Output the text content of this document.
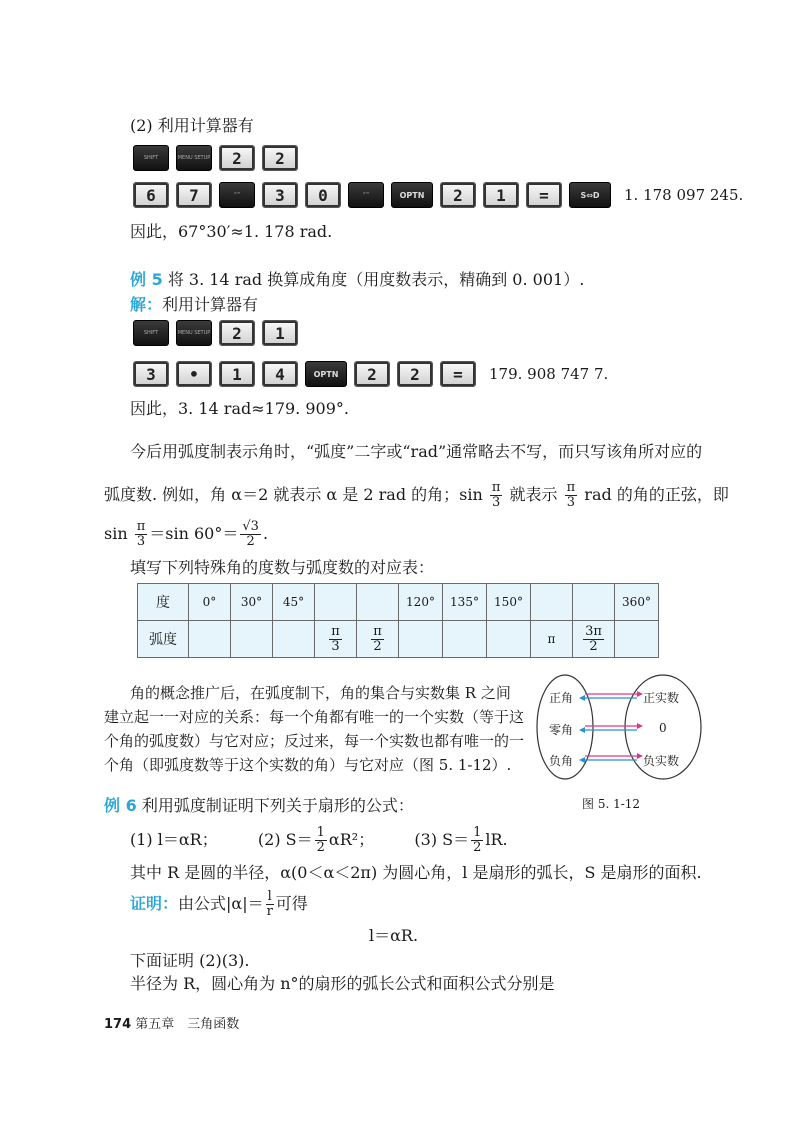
(2) 利用计算器有
SHIFT	MENU SETUP	2	2
6	7	°'"	3	0	°'"	OPTN	2	1	=	S⇔D	1. 178 097 245.
因此，67°30′≈1. 178 rad.
例 5 将 3. 14 rad 换算成角度（用度数表示，精确到 0. 001）.
解：利用计算器有
SHIFT	MENU SETUP	2	1
3	•	1	4	OPTN	2	2	=	179. 908 747 7.
因此，3. 14 rad≈179. 909°.
今后用弧度制表示角时，“弧度”二字或“rad”通常略去不写，而只写该角所对应的
弧度数. 例如，角 α＝2 就表示 α 是 2 rad 的角；$\sin \frac{\pi}{3}$ 就表示 $\frac{\pi}{3}$ rad 的角的正弦，即
$\sin \frac{\pi}{3} =\sin$ $60^\circ= \frac{√3}{2}$ .
填写下列特殊角的度数与弧度数的对应表：
度	0°	30°	45°			120°	135°	150°			360°
弧度				$\frac{\pi}{3}$	$\frac{\pi}{2}$				π	$\frac{3\pi}{2}$

角的概念推广后，在弧度制下，角的集合与实数集 R 之间
建立起一一对应的关系：每一个角都有唯一的一个实数（等于这
个角的弧度数）与它对应；反过来，每一个实数也都有唯一的一
个角（即弧度数等于这个实数的角）与它对应（图 5. 1-12）.
正角
零角
负角
正实数
0
负实数
图 5. 1-12
例 6 利用弧度制证明下列关于扇形的公式：
(1) l＝αR；	(2) $S= \frac{1}{2} \alpha R^2$；	(3) $S= \frac{1}{2}$ lR.
其中 R 是圆的半径，α(0＜α＜2π) 为圆心角，l 是扇形的弧长，S 是扇形的面积.
证明：由公式$|\alpha|= \frac{l}{r}$ 可得
l＝αR.
下面证明 (2)(3).
半径为 R，圆心角为 n°的扇形的弧长公式和面积公式分别是
174 第五章　三角函数
